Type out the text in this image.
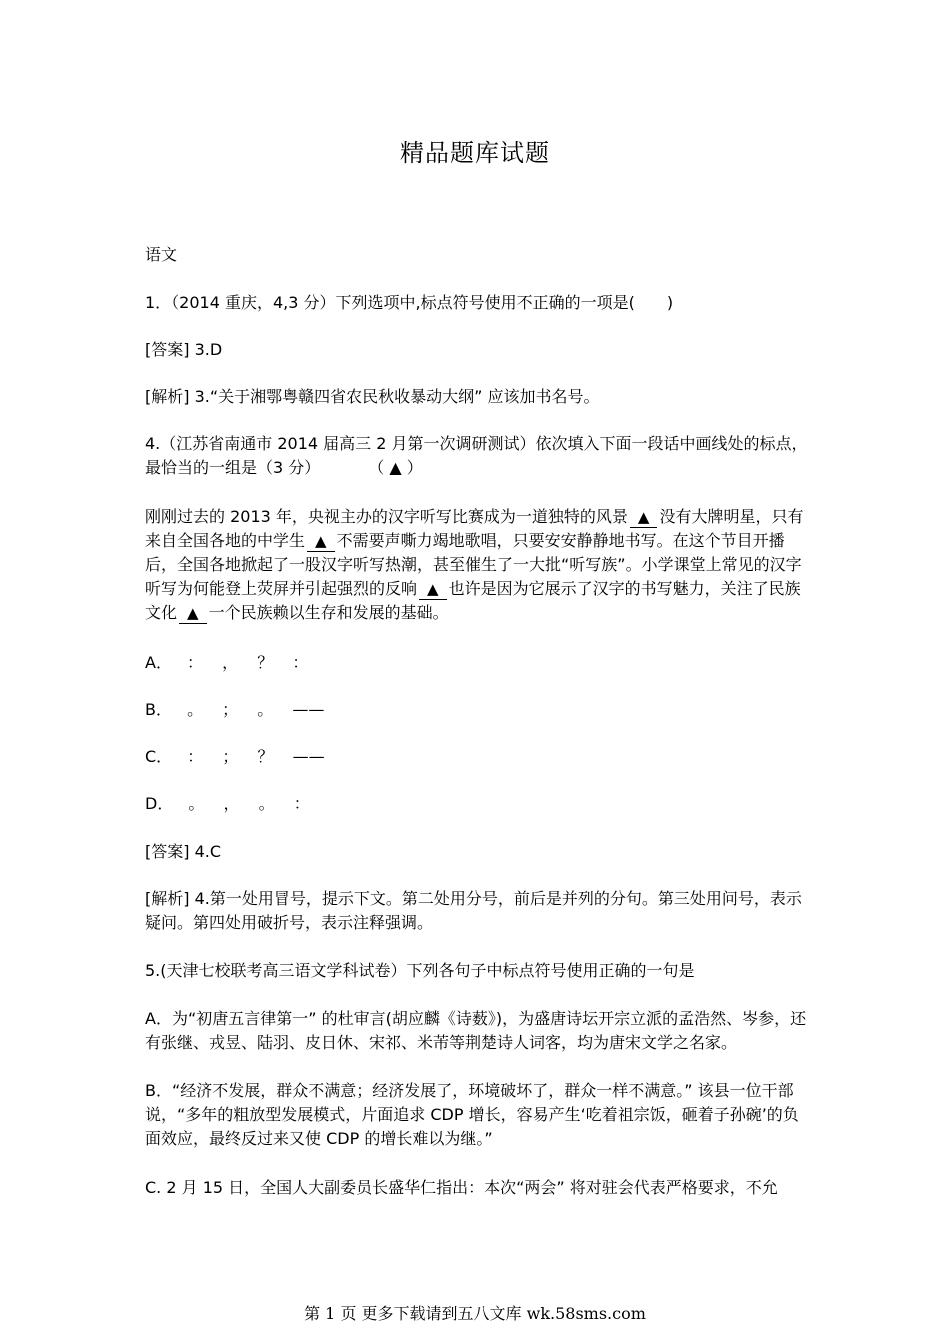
精品题库试题
语文
1．（2014 重庆，4,3 分）下列选项中,标点符号使用不正确的一项是(　　)
[答案] 3.D
[解析] 3.“关于湘鄂粤赣四省农民秋收暴动大纲” 应该加书名号。
4.（江苏省南通市 2014 届高三 2 月第一次调研测试）依次填入下面一段话中画线处的标点，最恰当的一组是（3 分）　　　　（ ▲ ）
刚刚过去的 2013 年，央视主办的汉字听写比赛成为一道独特的风景 ▲ 没有大牌明星，只有来自全国各地的中学生 ▲ 不需要声嘶力竭地歌唱，只要安安静静地书写。在这个节目开播后，全国各地掀起了一股汉字听写热潮，甚至催生了一大批“听写族”。小学课堂上常见的汉字听写为何能登上荧屏并引起强烈的反响 ▲ 也许是因为它展示了汉字的书写魅力，关注了民族文化 ▲ 一个民族赖以生存和发展的基础。
A． ： ， ？ ：
B． 。 ； 。 ——
C． ： ； ？ ——
D． 。 ， 。 ：
[答案] 4.C
[解析] 4.第一处用冒号，提示下文。第二处用分号，前后是并列的分句。第三处用问号，表示疑问。第四处用破折号，表示注释强调。
5.(天津七校联考高三语文学科试卷）下列各句子中标点符号使用正确的一句是
A．为“初唐五言律第一” 的杜审言(胡应麟《诗薮》)，为盛唐诗坛开宗立派的孟浩然、岑参，还有张继、戎昱、陆羽、皮日休、宋祁、米芾等荆楚诗人词客，均为唐宋文学之名家。
B．“经济不发展，群众不满意；经济发展了，环境破坏了，群众一样不满意。” 该县一位干部说，“多年的粗放型发展模式，片面追求 CDP 增长，容易产生‘吃着祖宗饭，砸着子孙碗’的负面效应，最终反过来又使 CDP 的增长难以为继。”
C. 2 月 15 日，全国人大副委员长盛华仁指出：本次“两会” 将对驻会代表严格要求，不允
第 1 页 更多下载请到五八文库 wk.58sms.com
